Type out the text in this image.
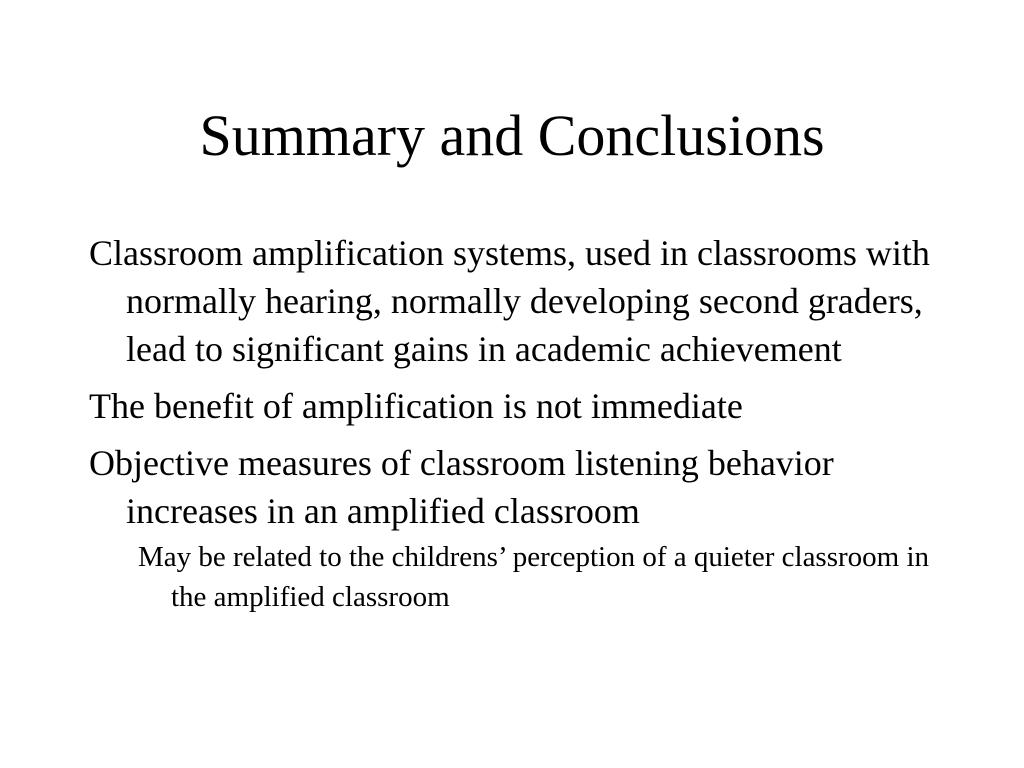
Summary and Conclusions

Classroom amplification systems, used in classrooms with normally hearing, normally developing second graders, lead to significant gains in academic achievement

The benefit of amplification is not immediate

Objective measures of classroom listening behavior increases in an amplified classroom

May be related to the childrens’ perception of a quieter classroom in the amplified classroom
